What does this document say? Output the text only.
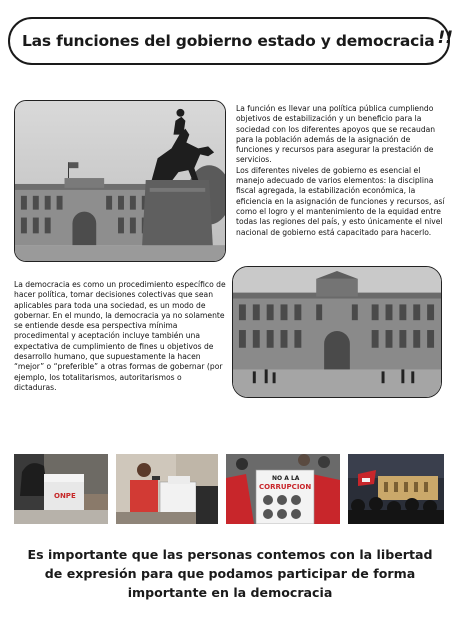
Las funciones del gobierno estado y democracia !!

La función es llevar una política pública cumpliendo objetivos de estabilización y un beneficio para la sociedad con los diferentes apoyos que se recaudan para la población además de la asignación de funciones y recursos para asegurar la prestación de servicios.

Los diferentes niveles de gobierno es esencial el manejo adecuado de varios elementos: la disciplina fiscal agregada, la estabilización económica, la eficiencia en la asignación de funciones y recursos, así como el logro y el mantenimiento de la equidad entre todas las regiones del país, y esto únicamente el nivel nacional de gobierno está capacitado para hacerlo.

La democracia es como un procedimiento específico de hacer política, tomar decisiones colectivas que sean aplicables para toda una sociedad, es un modo de gobernar. En el mundo, la democracia ya no solamente se entiende desde esa perspectiva mínima procedimental y aceptación incluye también una expectativa de cumplimiento de fines u objetivos de desarrollo humano, que supuestamente la hacen “mejor” o “preferible” a otras formas de gobernar (por ejemplo, los totalitarismos, autoritarismos o dictaduras.

ONPE
NO A LA
CORRUPCION
Es importante que las personas contemos con la libertad de expresión para que podamos participar de forma importante en la democracia
